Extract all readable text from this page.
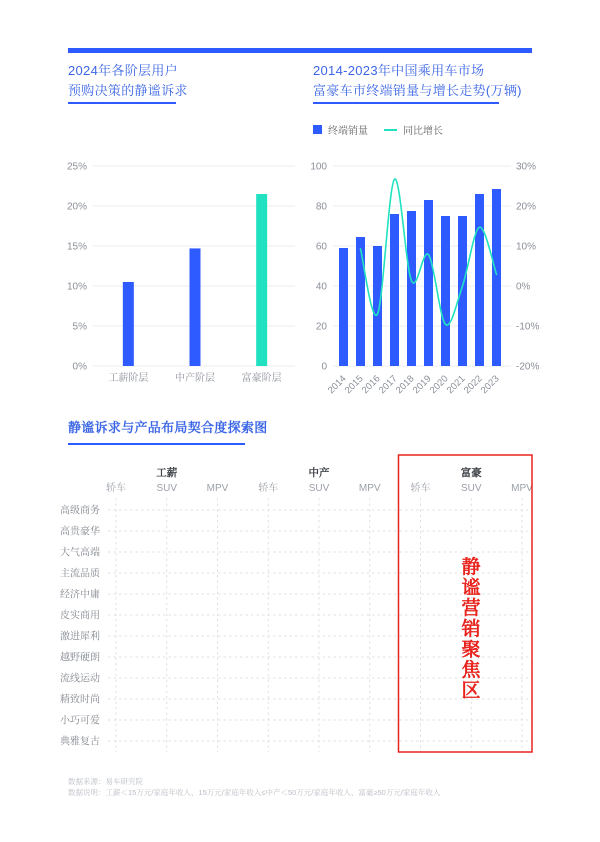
2024年各阶层用户
预购决策的静谧诉求
2014-2023年中国乘用车市场
富豪车市终端销量与增长走势(万辆)
终端销量	同比增长
0%
5%
10%
15%
20%
25%
工薪阶层	中产阶层	富豪阶层
0
20
40
60
80
100
-20%
-10%
0%
10%
20%
30%
2014
2015
2016
2017
2018
2019
2020
2021
2022
2023
静谧诉求与产品布局契合度探索图
工薪
轿车	SUV	MPV
中产
轿车	SUV	MPV
富豪
轿车	SUV	MPV
高级商务
高贵豪华
大气高端
主流品质
经济中庸
皮实商用
激进犀利
越野硬朗
流线运动
精致时尚
小巧可爱
典雅复古
静
谧
营
销
聚
焦
区
数据来源：易车研究院
数据说明：工薪＜15万元/家庭年收入、15万元/家庭年收入≤中产＜50万元/家庭年收入、富豪≥50万元/家庭年收入
